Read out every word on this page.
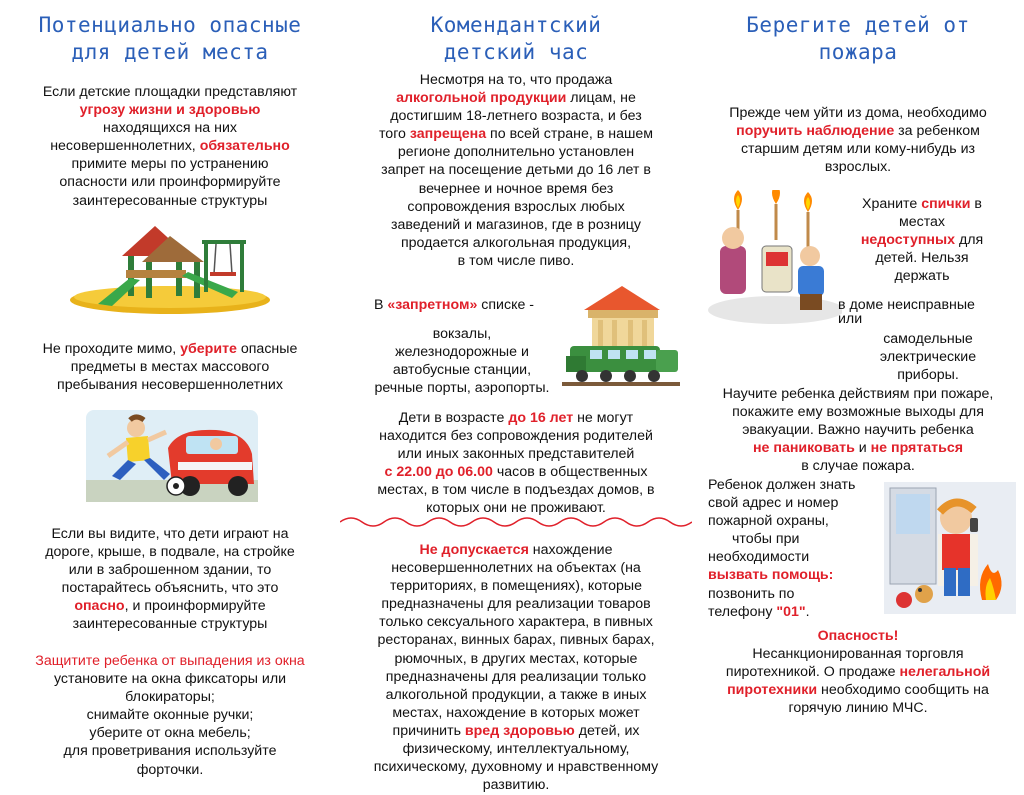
Потенциально опасные
для детей места

Если детские площадки представляют
угрозу жизни и здоровью
находящихся на них
несовершеннолетних, обязательно
примите меры по устранению
опасности или проинформируйте
заинтересованные структуры

Не проходите мимо, уберите опасные
предметы в местах массового
пребывания несовершеннолетних

Если вы видите, что дети играют на
дороге, крыше, в подвале, на стройке
или в заброшенном здании, то
постарайтесь объяснить, что это
опасно, и проинформируйте
заинтересованные структуры

Защитите ребенка от выпадения из окна
установите на окна фиксаторы или
блокираторы;
снимайте оконные ручки;
уберите от окна мебель;
для проветривания используйте
форточки.

Комендантский
детский час

Несмотря на то, что продажа
алкогольной продукции лицам, не
достигшим 18-летнего возраста, и без
того запрещена по всей стране, в нашем
регионе дополнительно установлен
запрет на посещение детьми до 16 лет в
вечернее и ночное время без
сопровождения взрослых любых
заведений и магазинов, где в розницу
продается алкогольная продукция,
в том числе пиво.

В «запретном» списке -

вокзалы,
железнодорожные и
автобусные станции,
речные порты, аэропорты.

Дети в возрасте до 16 лет не могут
находится без сопровождения родителей
или иных законных представителей
с 22.00 до 06.00 часов в общественных
местах, в том числе в подъездах домов, в
которых они не проживают.

Не допускается нахождение
несовершеннолетних на объектах (на
территориях, в помещениях), которые
предназначены для реализации товаров
только сексуального характера, в пивных
ресторанах, винных барах, пивных барах,
рюмочных, в других местах, которые
предназначены для реализации только
алкогольной продукции, а также в иных
местах, нахождение в которых может
причинить вред здоровью детей, их
физическому, интеллектуальному,
психическому, духовному и нравственному
развитию.

Берегите детей от
пожара

Прежде чем уйти из дома, необходимо
поручить наблюдение за ребенком
старшим детям или кому-нибудь из
взрослых.

Храните спички в
местах
недоступных для
детей. Нельзя
держать

в доме неисправные
или

самодельные
электрические
приборы.

Научите ребенка действиям при пожаре,
покажите ему возможные выходы для
эвакуации. Важно научить ребенка
не паниковать и не прятаться
в случае пожара.

Ребенок должен знать
свой адрес и номер
пожарной охраны,
чтобы при
необходимости
вызвать помощь:
позвонить по
телефону "01".

Опасность!
Несанкционированная торговля
пиротехникой. О продаже нелегальной
пиротехники необходимо сообщить на
горячую линию МЧС.
